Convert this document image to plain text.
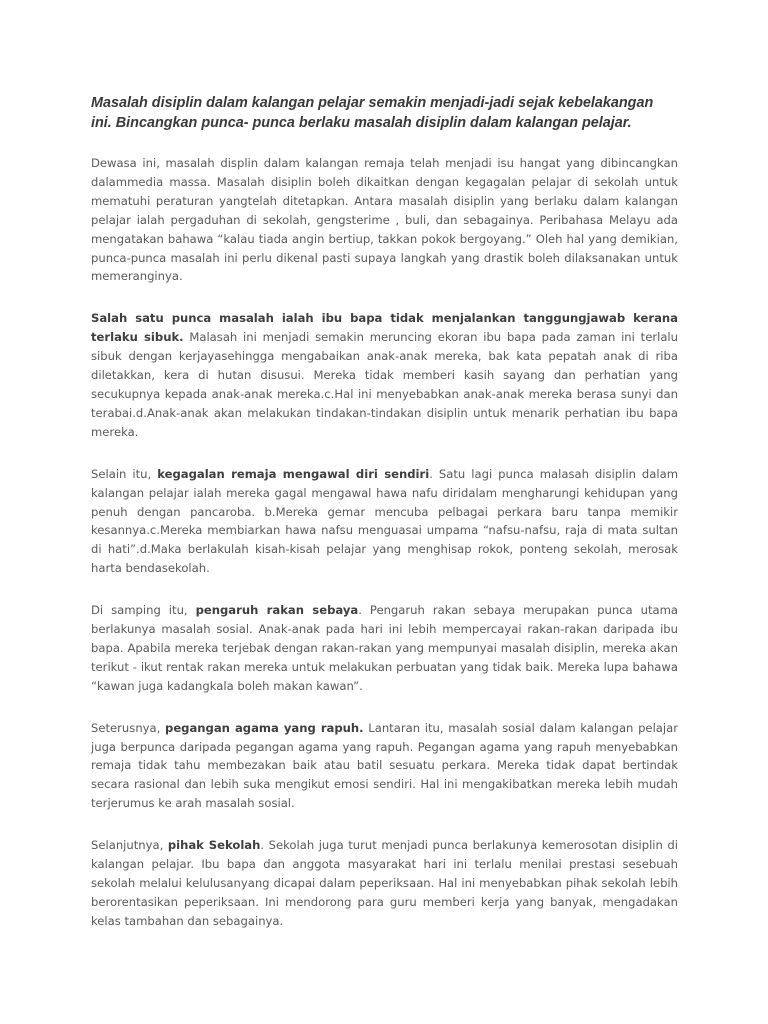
Masalah disiplin dalam kalangan pelajar semakin menjadi-jadi sejak kebelakangan ini. Bincangkan punca- punca berlaku masalah disiplin dalam kalangan pelajar.

Dewasa ini, masalah displin dalam kalangan remaja telah menjadi isu hangat yang dibincangkan dalammedia massa. Masalah disiplin boleh dikaitkan dengan kegagalan pelajar di sekolah untuk mematuhi peraturan yangtelah ditetapkan. Antara masalah disiplin yang berlaku dalam kalangan pelajar ialah pergaduhan di sekolah, gengsterime , buli, dan sebagainya. Peribahasa Melayu ada mengatakan bahawa “kalau tiada angin bertiup, takkan pokok bergoyang.” Oleh hal yang demikian, punca-punca masalah ini perlu dikenal pasti supaya langkah yang drastik boleh dilaksanakan untuk memeranginya.

Salah satu punca masalah ialah ibu bapa tidak menjalankan tanggungjawab kerana terlaku sibuk. Malasah ini menjadi semakin meruncing ekoran ibu bapa pada zaman ini terlalu sibuk dengan kerjayasehingga mengabaikan anak-anak mereka, bak kata pepatah anak di riba diletakkan, kera di hutan disusui. Mereka tidak memberi kasih sayang dan perhatian yang secukupnya kepada anak-anak mereka.c.Hal ini menyebabkan anak-anak mereka berasa sunyi dan terabai.d.Anak-anak akan melakukan tindakan-tindakan disiplin untuk menarik perhatian ibu bapa mereka.

Selain itu, kegagalan remaja mengawal diri sendiri. Satu lagi punca malasah disiplin dalam kalangan pelajar ialah mereka gagal mengawal hawa nafu diridalam mengharungi kehidupan yang penuh dengan pancaroba. b.Mereka gemar mencuba pelbagai perkara baru tanpa memikir kesannya.c.Mereka membiarkan hawa nafsu menguasai umpama “nafsu-nafsu, raja di mata sultan di hati”.d.Maka berlakulah kisah-kisah pelajar yang menghisap rokok, ponteng sekolah, merosak harta bendasekolah.

Di samping itu, pengaruh rakan sebaya. Pengaruh rakan sebaya merupakan punca utama berlakunya masalah sosial. Anak-anak pada hari ini lebih mempercayai rakan-rakan daripada ibu bapa. Apabila mereka terjebak dengan rakan-rakan yang mempunyai masalah disiplin, mereka akan terikut - ikut rentak rakan mereka untuk melakukan perbuatan yang tidak baik. Mereka lupa bahawa “kawan juga kadangkala boleh makan kawan”.

Seterusnya, pegangan agama yang rapuh. Lantaran itu, masalah sosial dalam kalangan pelajar juga berpunca daripada pegangan agama yang rapuh. Pegangan agama yang rapuh menyebabkan remaja tidak tahu membezakan baik atau batil sesuatu perkara. Mereka tidak dapat bertindak secara rasional dan lebih suka mengikut emosi sendiri. Hal ini mengakibatkan mereka lebih mudah terjerumus ke arah masalah sosial.

Selanjutnya, pihak Sekolah. Sekolah juga turut menjadi punca berlakunya kemerosotan disiplin di kalangan pelajar. Ibu bapa dan anggota masyarakat hari ini terlalu menilai prestasi sesebuah sekolah melalui kelulusanyang dicapai dalam peperiksaan. Hal ini menyebabkan pihak sekolah lebih berorentasikan peperiksaan. Ini mendorong para guru memberi kerja yang banyak, mengadakan kelas tambahan dan sebagainya.
